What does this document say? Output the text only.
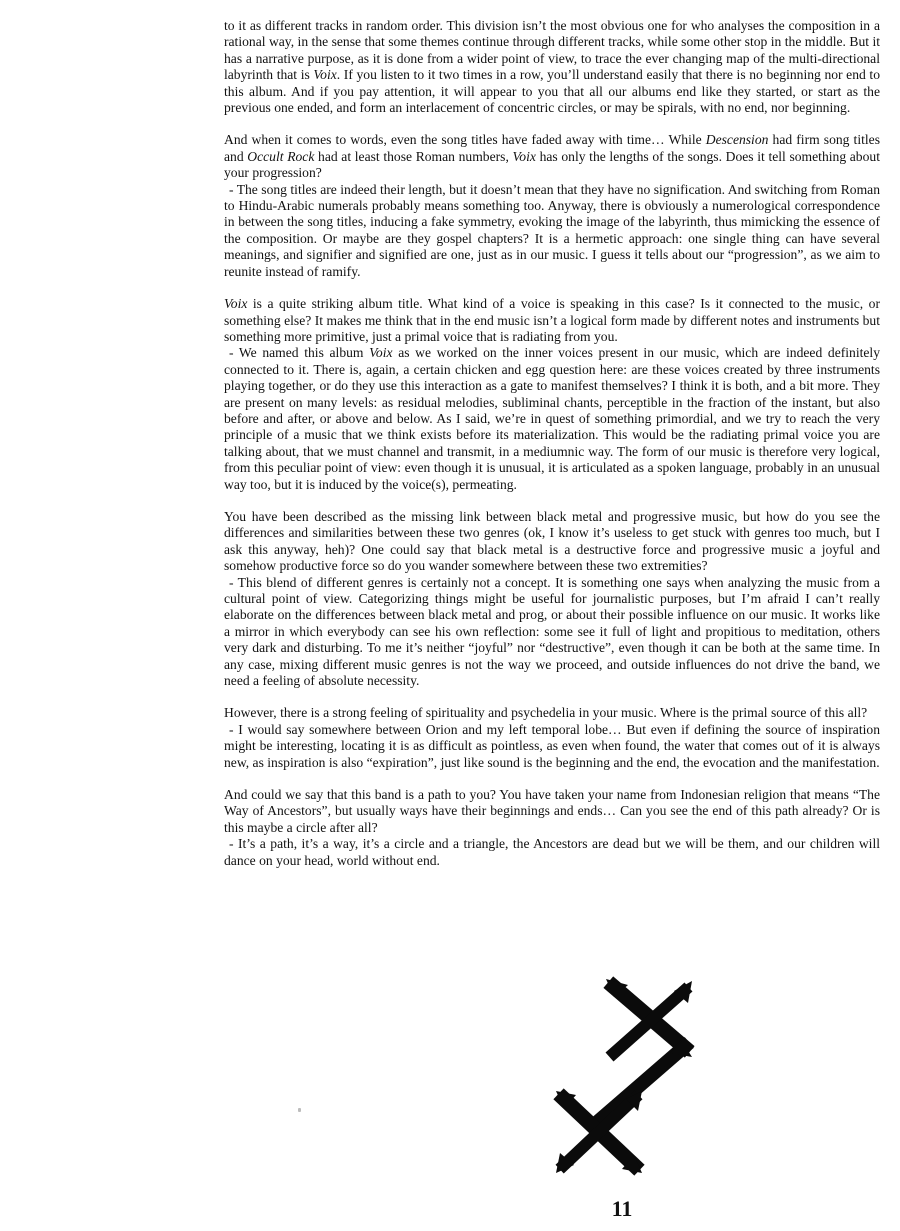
to it as different tracks in random order. This division isn’t the most obvious one for who analyses the composition in a rational way, in the sense that some themes continue through different tracks, while some other stop in the middle. But it has a narrative purpose, as it is done from a wider point of view, to trace the ever changing map of the multi-directional labyrinth that is Voix. If you listen to it two times in a row, you’ll understand easily that there is no beginning nor end to this album. And if you pay attention, it will appear to you that all our albums end like they started, or start as the previous one ended, and form an interlacement of concentric circles, or may be spirals, with no end, nor beginning.

And when it comes to words, even the song titles have faded away with time… While Descension had firm song titles and Occult Rock had at least those Roman numbers, Voix has only the lengths of the songs. Does it tell something about your progression?

- The song titles are indeed their length, but it doesn’t mean that they have no signification. And switching from Roman to Hindu-Arabic numerals probably means something too. Anyway, there is obviously a numerological correspondence in between the song titles, inducing a fake symmetry, evoking the image of the labyrinth, thus mimicking the essence of the composition. Or maybe are they gospel chapters? It is a hermetic approach: one single thing can have several meanings, and signifier and signified are one, just as in our music. I guess it tells about our “progression”, as we aim to reunite instead of ramify.

Voix is a quite striking album title. What kind of a voice is speaking in this case? Is it connected to the music, or something else? It makes me think that in the end music isn’t a logical form made by different notes and instruments but something more primitive, just a primal voice that is radiating from you.

- We named this album Voix as we worked on the inner voices present in our music, which are indeed definitely connected to it. There is, again, a certain chicken and egg question here: are these voices created by three instruments playing together, or do they use this interaction as a gate to manifest themselves? I think it is both, and a bit more. They are present on many levels: as residual melodies, subliminal chants, perceptible in the fraction of the instant, but also before and after, or above and below. As I said, we’re in quest of something primordial, and we try to reach the very principle of a music that we think exists before its materialization. This would be the radiating primal voice you are talking about, that we must channel and transmit, in a mediumnic way. The form of our music is therefore very logical, from this peculiar point of view: even though it is unusual, it is articulated as a spoken language, probably in an unusual way too, but it is induced by the voice(s), permeating.

You have been described as the missing link between black metal and progressive music, but how do you see the differences and similarities between these two genres (ok, I know it’s useless to get stuck with genres too much, but I ask this anyway, heh)? One could say that black metal is a destructive force and progressive music a joyful and somehow productive force so do you wander somewhere between these two extremities?

- This blend of different genres is certainly not a concept. It is something one says when analyzing the music from a cultural point of view. Categorizing things might be useful for journalistic purposes, but I’m afraid I can’t really elaborate on the differences between black metal and prog, or about their possible influence on our music. It works like a mirror in which everybody can see his own reflection: some see it full of light and propitious to meditation, others very dark and disturbing. To me it’s neither “joyful” nor “destructive”, even though it can be both at the same time. In any case, mixing different music genres is not the way we proceed, and outside influences do not drive the band, we need a feeling of absolute necessity.

However, there is a strong feeling of spirituality and psychedelia in your music. Where is the primal source of this all?

- I would say somewhere between Orion and my left temporal lobe… But even if defining the source of inspiration might be interesting, locating it is as difficult as pointless, as even when found, the water that comes out of it is always new, as inspiration is also “expiration”, just like sound is the beginning and the end, the evocation and the manifestation.

And could we say that this band is a path to you? You have taken your name from Indonesian religion that means “The Way of Ancestors”, but usually ways have their beginnings and ends… Can you see the end of this path already? Or is this maybe a circle after all?

- It’s a path, it’s a way, it’s a circle and a triangle, the Ancestors are dead but we will be them, and our children will dance on your head, world without end.

11
